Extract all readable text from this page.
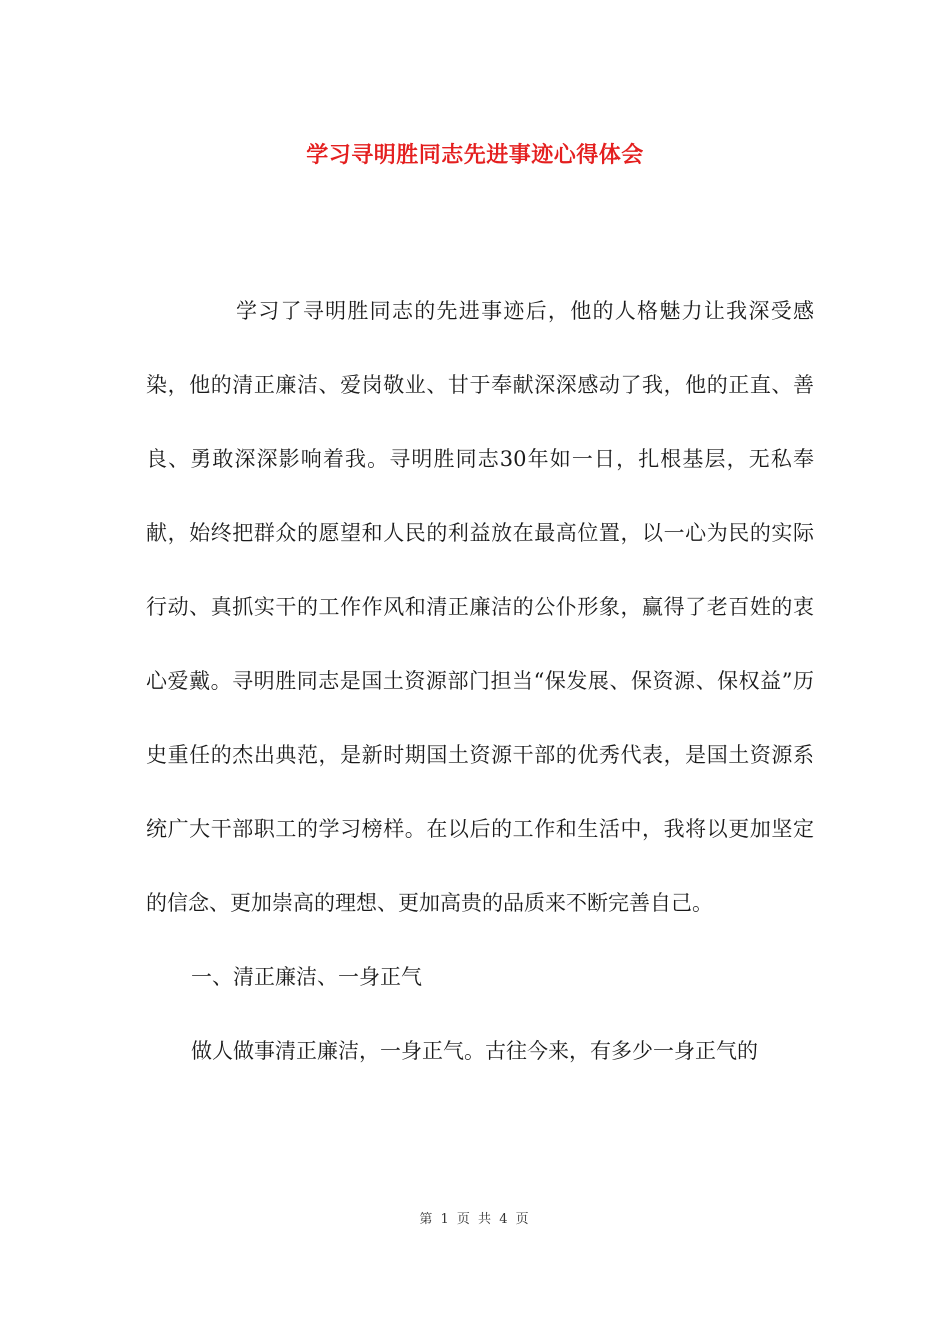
学习寻明胜同志先进事迹心得体会

学习了寻明胜同志的先进事迹后，他的人格魅力让我深受感染，他的清正廉洁、爱岗敬业、甘于奉献深深感动了我，他的正直、善良、勇敢深深影响着我。寻明胜同志30年如一日，扎根基层，无私奉献，始终把群众的愿望和人民的利益放在最高位置，以一心为民的实际行动、真抓实干的工作作风和清正廉洁的公仆形象，赢得了老百姓的衷心爱戴。寻明胜同志是国土资源部门担当“保发展、保资源、保权益”历史重任的杰出典范，是新时期国土资源干部的优秀代表，是国土资源系统广大干部职工的学习榜样。在以后的工作和生活中，我将以更加坚定的信念、更加崇高的理想、更加高贵的品质来不断完善自己。

一、清正廉洁、一身正气

做人做事清正廉洁，一身正气。古往今来，有多少一身正气的

第 1 页 共 4 页
